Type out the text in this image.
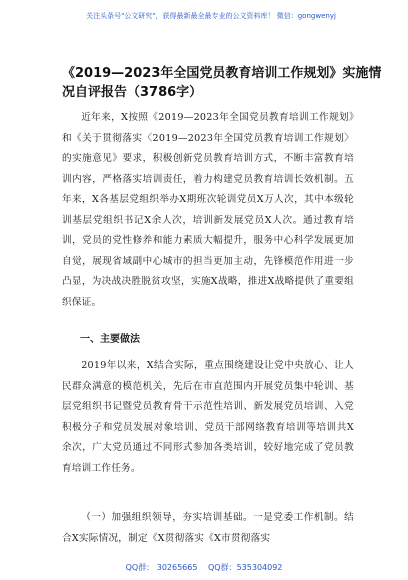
关注头条号"公文研究"，获得最新最全最专业的公文资料库！ 微信：gongwenyj
《2019—2023年全国党员教育培训工作规划》实施情况自评报告（3786字）
近年来，X按照《2019—2023年全国党员教育培训工作规划》和《关于贯彻落实〈2019—2023年全国党员教育培训工作规划〉的实施意见》要求，积极创新党员教育培训方式，不断丰富教育培训内容，严格落实培训责任，着力构建党员教育培训长效机制。五年来，X各基层党组织举办X期班次轮训党员X万人次，其中本级轮训基层党组织书记X余人次，培训新发展党员X人次。通过教育培训，党员的党性修养和能力素质大幅提升，服务中心科学发展更加自觉，展现省域副中心城市的担当更加主动，先锋模范作用进一步凸显，为决战决胜脱贫攻坚，实施X战略，推进X战略提供了重要组织保证。
一、主要做法
2019年以来，X结合实际，重点围绕建设让党中央放心、让人民群众满意的模范机关，先后在市直范围内开展党员集中轮训、基层党组织书记暨党员教育骨干示范性培训、新发展党员培训、入党积极分子和党员发展对象培训、党员干部网络教育培训等培训共X余次，广大党员通过不同形式参加各类培训，较好地完成了党员教育培训工作任务。
（一）加强组织领导，夯实培训基础。一是党委工作机制。结合X实际情况，制定《X贯彻落实《X市贯彻落实
QQ群： 30265665 QQ群：535304092
